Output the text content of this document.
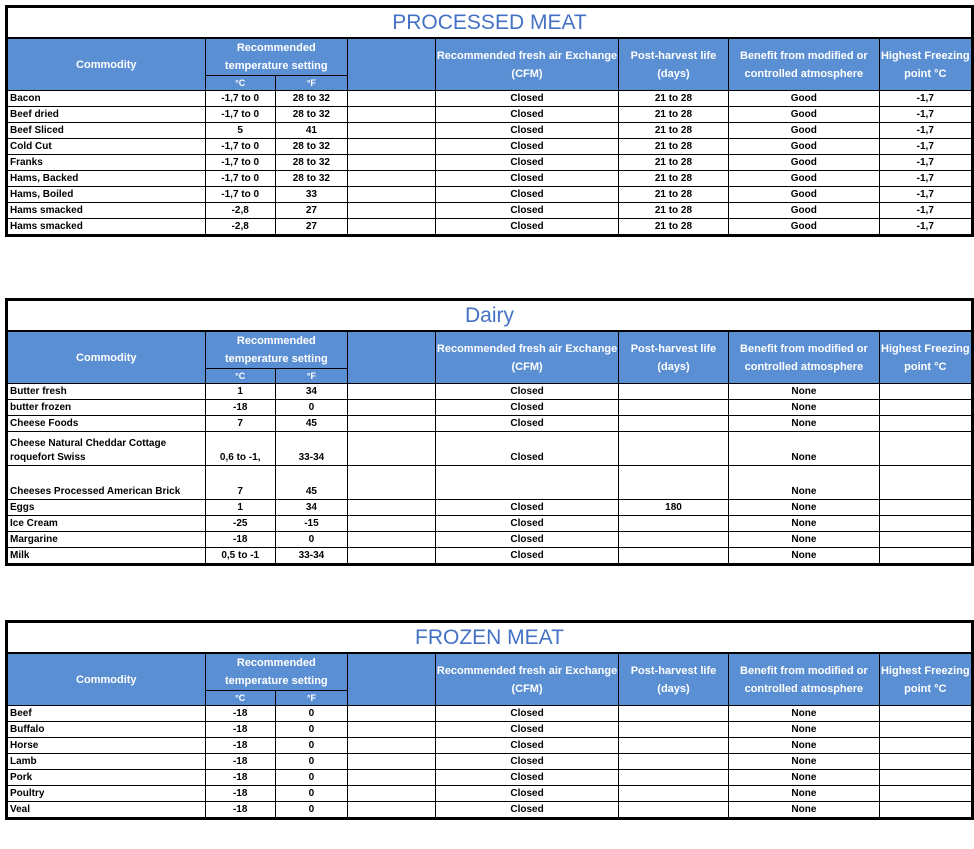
PROCESSED MEAT							
Commodity	Recommended temperature setting			Recommended fresh air Exchange (CFM)	Post-harvest life (days)	Benefit from modified or controlled atmosphere	Highest Freezing point °C
	°C	°F					
Bacon	-1,7 to 0	28 to 32		Closed	21 to 28	Good	-1,7
Beef dried	-1,7 to 0	28 to 32		Closed	21 to 28	Good	-1,7
Beef Sliced	5	41		Closed	21 to 28	Good	-1,7
Cold Cut	-1,7 to 0	28 to 32		Closed	21 to 28	Good	-1,7
Franks	-1,7 to 0	28 to 32		Closed	21 to 28	Good	-1,7
Hams, Backed	-1,7 to 0	28 to 32		Closed	21 to 28	Good	-1,7
Hams, Boiled	-1,7 to 0	33		Closed	21 to 28	Good	-1,7
Hams smacked	-2,8	27		Closed	21 to 28	Good	-1,7
Hams smacked	-2,8	27		Closed	21 to 28	Good	-1,7
Dairy							
Commodity	Recommended temperature setting			Recommended fresh air Exchange (CFM)	Post-harvest life (days)	Benefit from modified or controlled atmosphere	Highest Freezing point °C
	°C	°F					
Butter fresh	1	34		Closed		None	
butter frozen	-18	0		Closed		None	
Cheese Foods	7	45		Closed		None	
Cheese Natural Cheddar Cottage roquefort Swiss	0,6 to -1,	33-34		Closed		None	
Cheeses Processed American Brick	7	45				None	
Eggs	1	34		Closed	180	None	
Ice Cream	-25	-15		Closed		None	
Margarine	-18	0		Closed		None	
Milk	0,5 to -1	33-34		Closed		None	
FROZEN MEAT							
Commodity	Recommended temperature setting			Recommended fresh air Exchange (CFM)	Post-harvest life (days)	Benefit from modified or controlled atmosphere	Highest Freezing point °C
	°C	°F					
Beef	-18	0		Closed		None	
Buffalo	-18	0		Closed		None	
Horse	-18	0		Closed		None	
Lamb	-18	0		Closed		None	
Pork	-18	0		Closed		None	
Poultry	-18	0		Closed		None	
Veal	-18	0		Closed		None	
